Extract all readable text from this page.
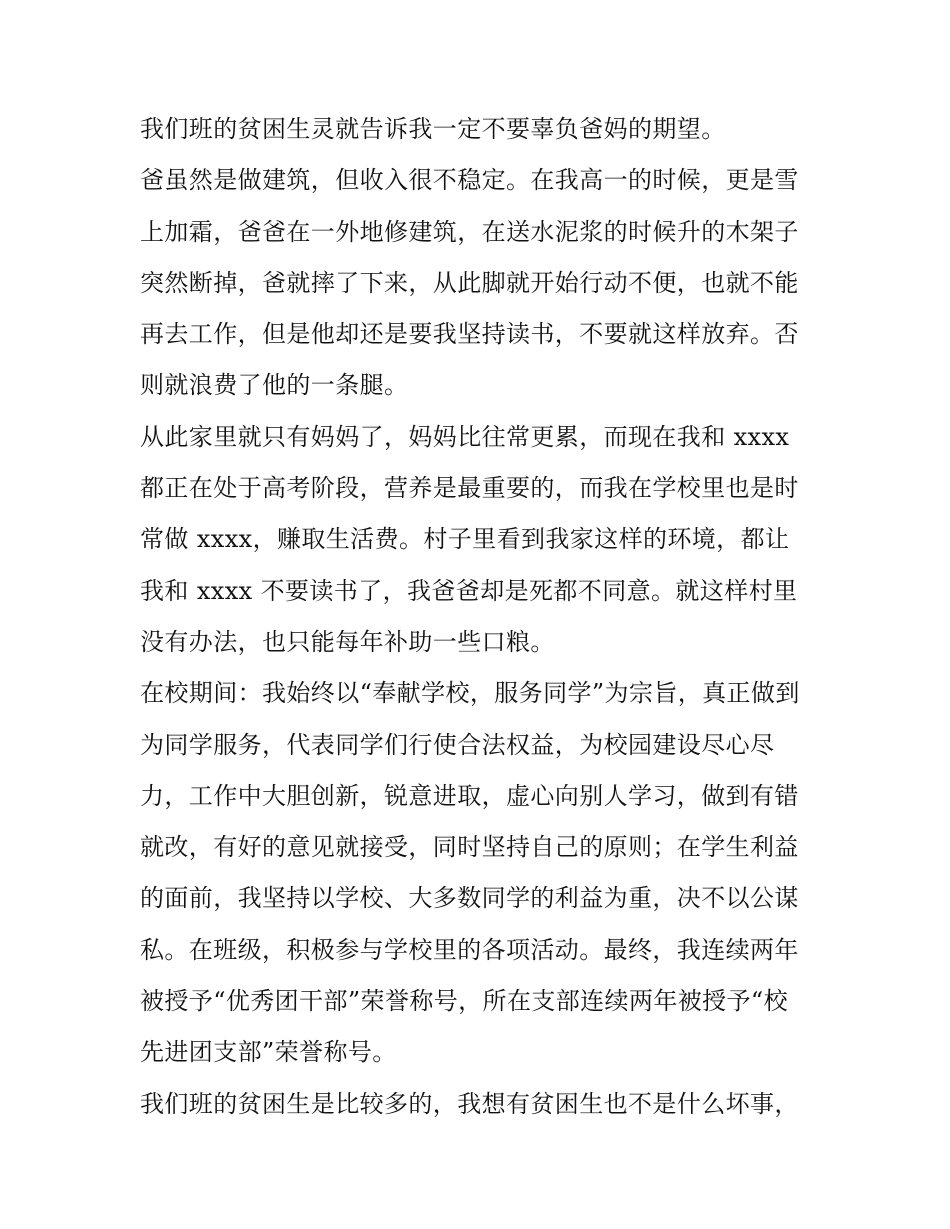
我们班的贫困生灵就告诉我一定不要辜负爸妈的期望。

爸虽然是做建筑，但收入很不稳定。在我高一的时候，更是雪
上加霜，爸爸在一外地修建筑，在送水泥浆的时候升的木架子
突然断掉，爸就摔了下来，从此脚就开始行动不便，也就不能
再去工作，但是他却还是要我坚持读书，不要就这样放弃。否
则就浪费了他的一条腿。

从此家里就只有妈妈了，妈妈比往常更累，而现在我和 xxxx
都正在处于高考阶段，营养是最重要的，而我在学校里也是时
常做 xxxx，赚取生活费。村子里看到我家这样的环境，都让
我和 xxxx 不要读书了，我爸爸却是死都不同意。就这样村里
没有办法，也只能每年补助一些口粮。

在校期间：我始终以“奉献学校，服务同学”为宗旨，真正做到
为同学服务，代表同学们行使合法权益，为校园建设尽心尽
力，工作中大胆创新，锐意进取，虚心向别人学习，做到有错
就改，有好的意见就接受，同时坚持自己的原则；在学生利益
的面前，我坚持以学校、大多数同学的利益为重，决不以公谋
私。在班级，积极参与学校里的各项活动。最终，我连续两年
被授予“优秀团干部”荣誉称号，所在支部连续两年被授予“校
先进团支部”荣誉称号。

我们班的贫困生是比较多的，我想有贫困生也不是什么坏事，
